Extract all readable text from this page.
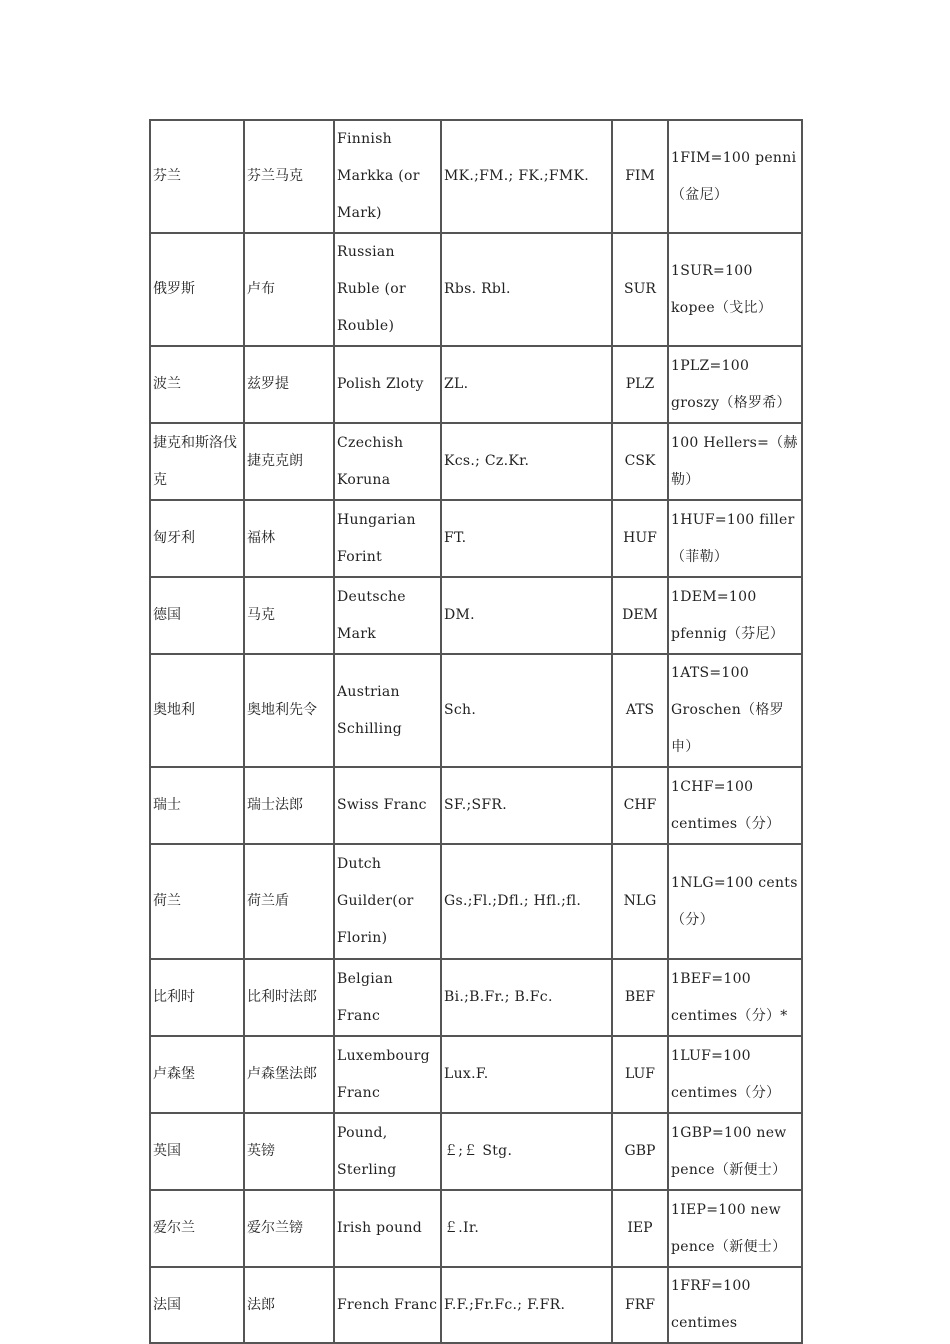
芬兰	芬兰马克	Finnish Markka (or Mark)	MK.;FM.; FK.;FMK.	FIM	1FIM=100 penni（盆尼）
俄罗斯	卢布	Russian Ruble (or Rouble)	Rbs. Rbl.	SUR	1SUR=100 kopee（戈比）
波兰	兹罗提	Polish Zloty	ZL.	PLZ	1PLZ=100 groszy（格罗希）
捷克和斯洛伐克	捷克克朗	Czechish Koruna	Kcs.; Cz.Kr.	CSK	100 Hellers=（赫勒）
匈牙利	福林	Hungarian Forint	FT.	HUF	1HUF=100 filler（菲勒）
德国	马克	Deutsche Mark	DM.	DEM	1DEM=100 pfennig（芬尼）
奥地利	奥地利先令	Austrian Schilling	Sch.	ATS	1ATS=100 Groschen（格罗申）
瑞士	瑞士法郎	Swiss Franc	SF.;SFR.	CHF	1CHF=100 centimes（分）
荷兰	荷兰盾	Dutch Guilder(or Florin)	Gs.;Fl.;Dfl.; Hfl.;fl.	NLG	1NLG=100 cents（分）
比利时	比利时法郎	Belgian Franc	Bi.;B.Fr.; B.Fc.	BEF	1BEF=100 centimes（分）*
卢森堡	卢森堡法郎	Luxembourg Franc	Lux.F.	LUF	1LUF=100 centimes（分）
英国	英镑	Pound, Sterling	￡;￡ Stg.	GBP	1GBP=100 new pence（新便士）
爱尔兰	爱尔兰镑	Irish pound	￡.Ir.	IEP	1IEP=100 new pence（新便士）
法国	法郎	French Franc	F.F.;Fr.Fc.; F.FR.	FRF	1FRF=100 centimes
